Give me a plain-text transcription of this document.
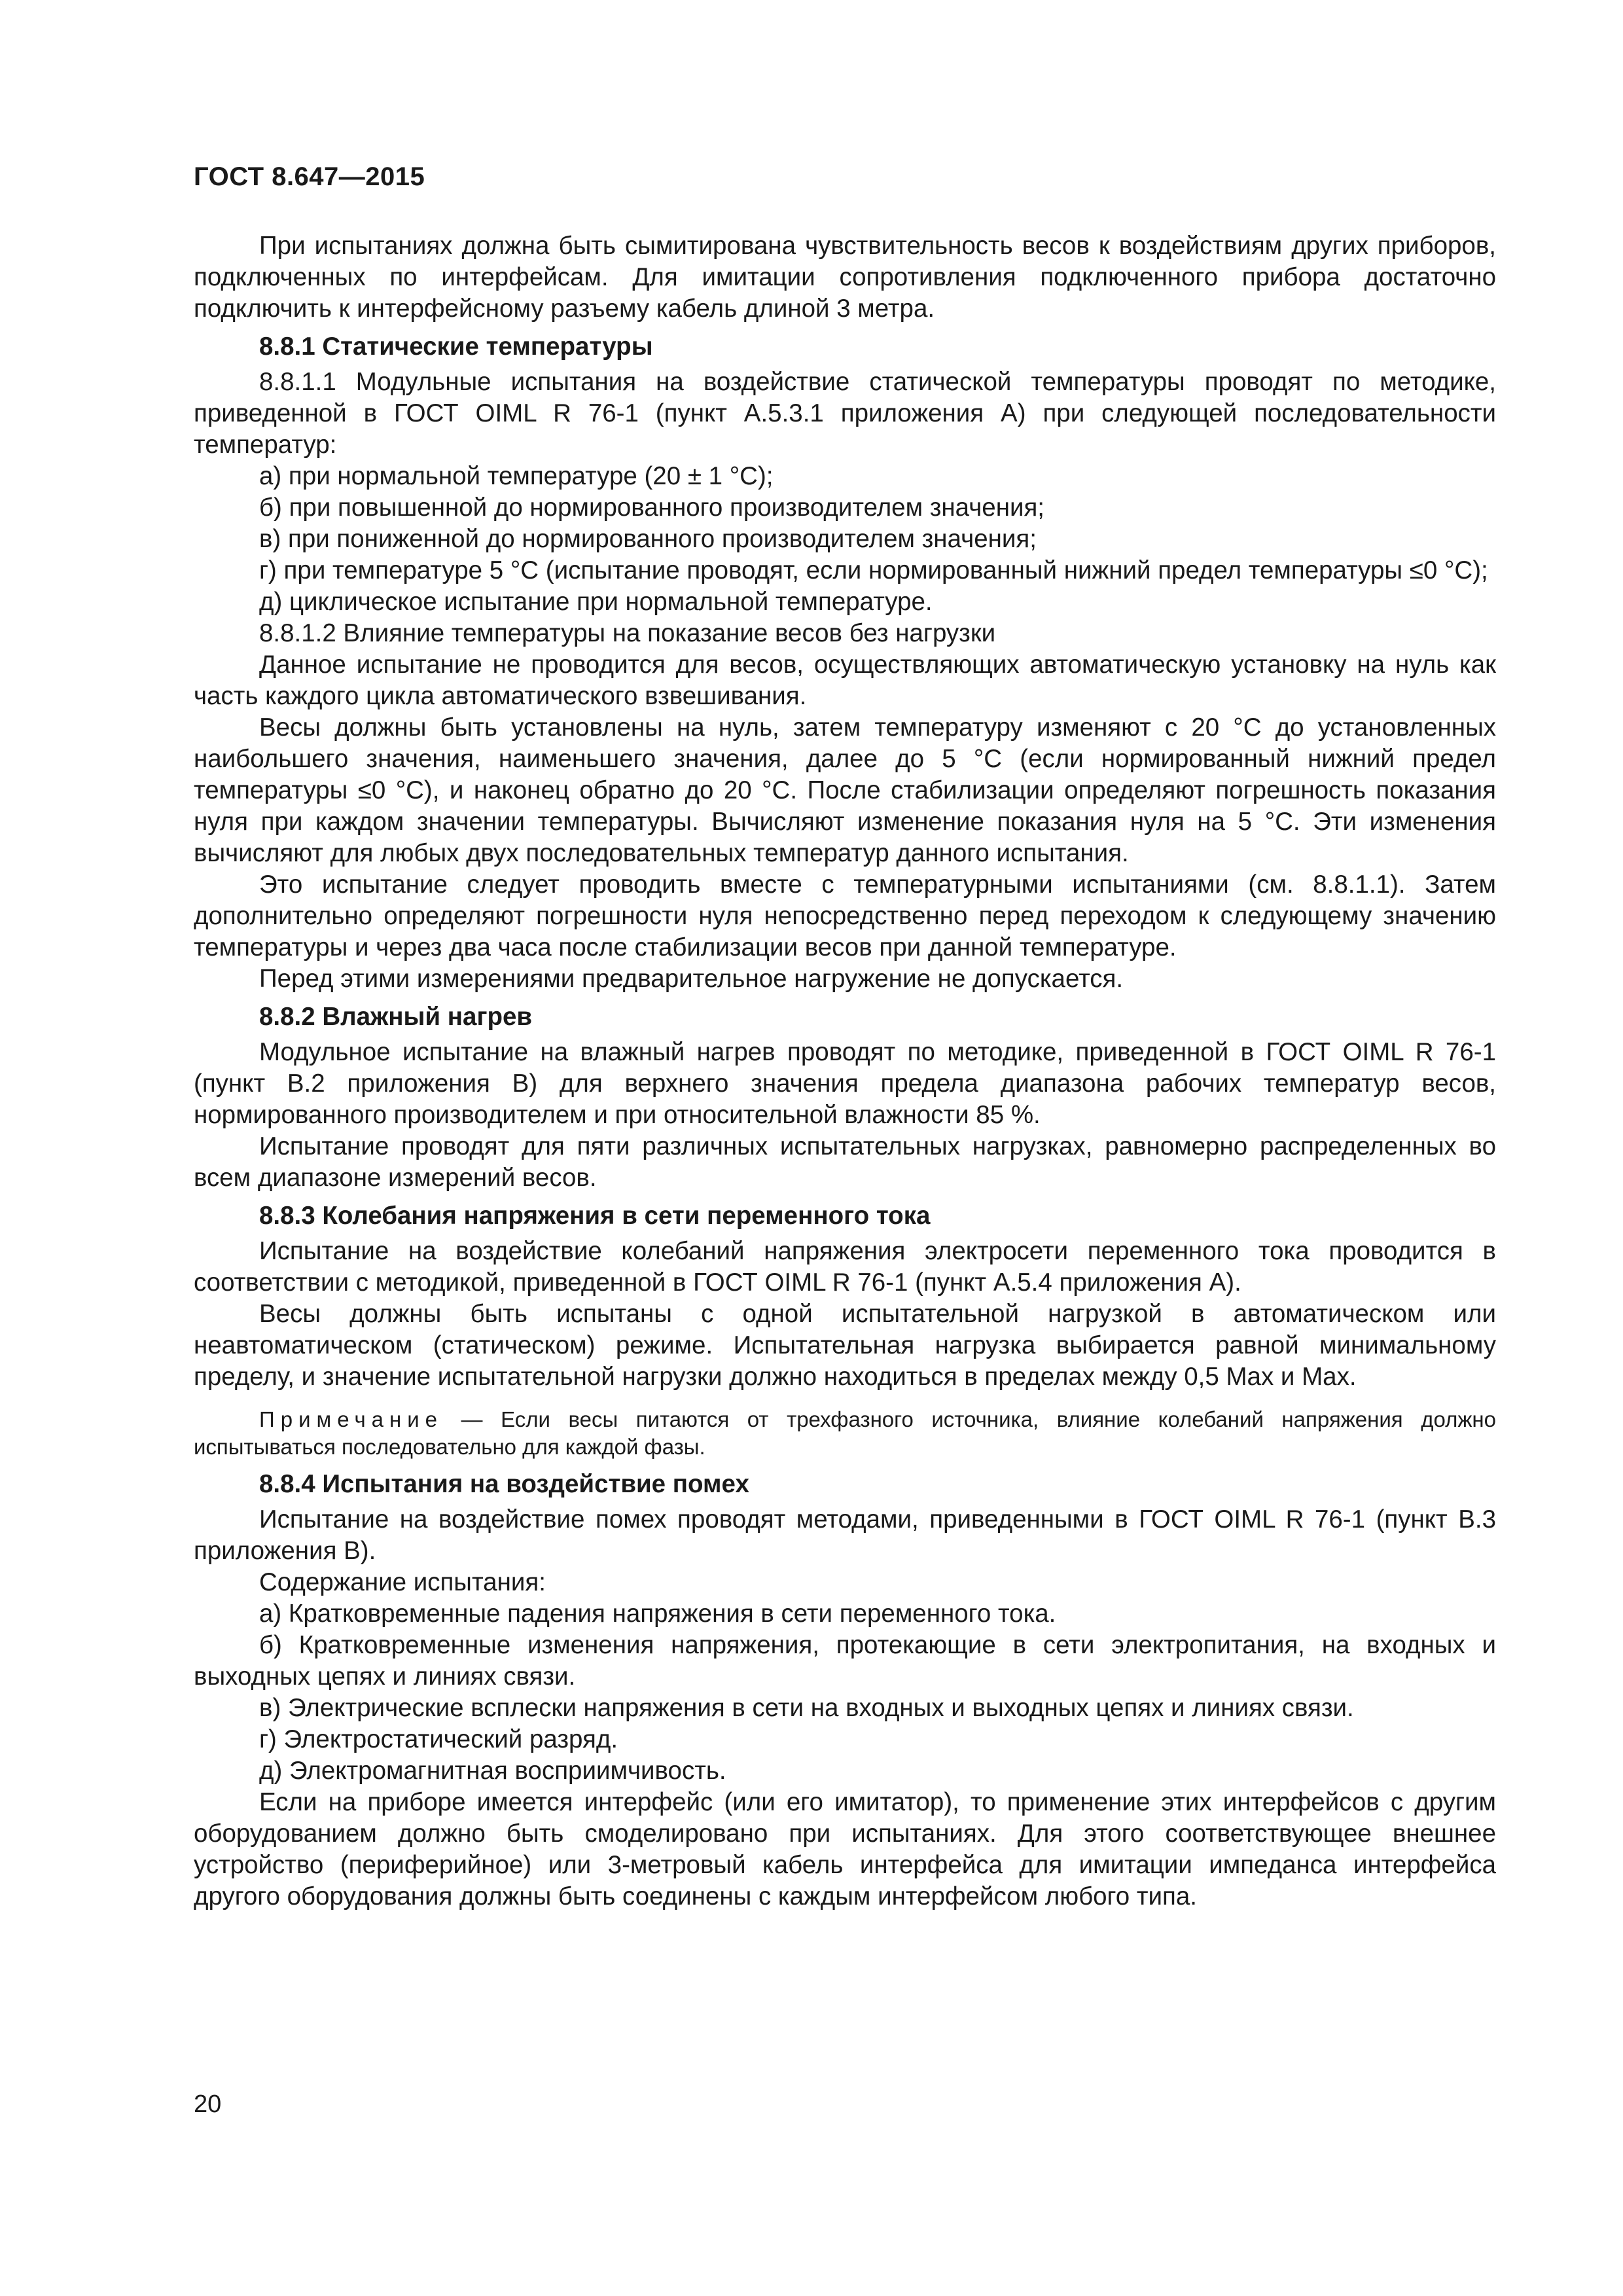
ГОСТ 8.647—2015

При испытаниях должна быть сымитирована чувствительность весов к воздействиям других приборов, подключенных по интерфейсам. Для имитации сопротивления подключенного прибора достаточно подключить к интерфейсному разъему кабель длиной 3 метра.

8.8.1 Статические температуры

8.8.1.1 Модульные испытания на воздействие статической температуры проводят по методике, приведенной в ГОСТ OIML R 76-1 (пункт А.5.3.1 приложения А) при следующей последовательности температур:

а) при нормальной температуре (20 ± 1 °С);

б) при повышенной до нормированного производителем значения;

в) при пониженной до нормированного производителем значения;

г) при температуре 5 °С (испытание проводят, если нормированный нижний предел температуры ≤0 °С);

д) циклическое испытание при нормальной температуре.

8.8.1.2 Влияние температуры на показание весов без нагрузки

Данное испытание не проводится для весов, осуществляющих автоматическую установку на нуль как часть каждого цикла автоматического взвешивания.

Весы должны быть установлены на нуль, затем температуру изменяют с 20 °С до установленных наибольшего значения, наименьшего значения, далее до 5 °С (если нормированный нижний предел температуры ≤0 °С), и наконец обратно до 20 °С. После стабилизации определяют погрешность показания нуля при каждом значении температуры. Вычисляют изменение показания нуля на 5 °С. Эти изменения вычисляют для любых двух последовательных температур данного испытания.

Это испытание следует проводить вместе с температурными испытаниями (см. 8.8.1.1). Затем дополнительно определяют погрешности нуля непосредственно перед переходом к следующему значению температуры и через два часа после стабилизации весов при данной температуре.

Перед этими измерениями предварительное нагружение не допускается.

8.8.2 Влажный нагрев

Модульное испытание на влажный нагрев проводят по методике, приведенной в ГОСТ OIML R 76-1 (пункт В.2 приложения В) для верхнего значения предела диапазона рабочих температур весов, нормированного производителем и при относительной влажности 85 %.

Испытание проводят для пяти различных испытательных нагрузках, равномерно распределенных во всем диапазоне измерений весов.

8.8.3 Колебания напряжения в сети переменного тока

Испытание на воздействие колебаний напряжения электросети переменного тока проводится в соответствии с методикой, приведенной в ГОСТ OIML R 76-1 (пункт А.5.4 приложения А).

Весы должны быть испытаны с одной испытательной нагрузкой в автоматическом или неавтоматическом (статическом) режиме. Испытательная нагрузка выбирается равной минимальному пределу, и значение испытательной нагрузки должно находиться в пределах между 0,5 Max и Max.

Примечание — Если весы питаются от трехфазного источника, влияние колебаний напряжения должно испытываться последовательно для каждой фазы.

8.8.4 Испытания на воздействие помех

Испытание на воздействие помех проводят методами, приведенными в ГОСТ OIML R 76-1 (пункт В.3 приложения В).

Содержание испытания:

а) Кратковременные падения напряжения в сети переменного тока.

б) Кратковременные изменения напряжения, протекающие в сети электропитания, на входных и выходных цепях и линиях связи.

в) Электрические всплески напряжения в сети на входных и выходных цепях и линиях связи.

г) Электростатический разряд.

д) Электромагнитная восприимчивость.

Если на приборе имеется интерфейс (или его имитатор), то применение этих интерфейсов с другим оборудованием должно быть смоделировано при испытаниях. Для этого соответствующее внешнее устройство (периферийное) или 3-метровый кабель интерфейса для имитации импеданса интерфейса другого оборудования должны быть соединены с каждым интерфейсом любого типа.

20
